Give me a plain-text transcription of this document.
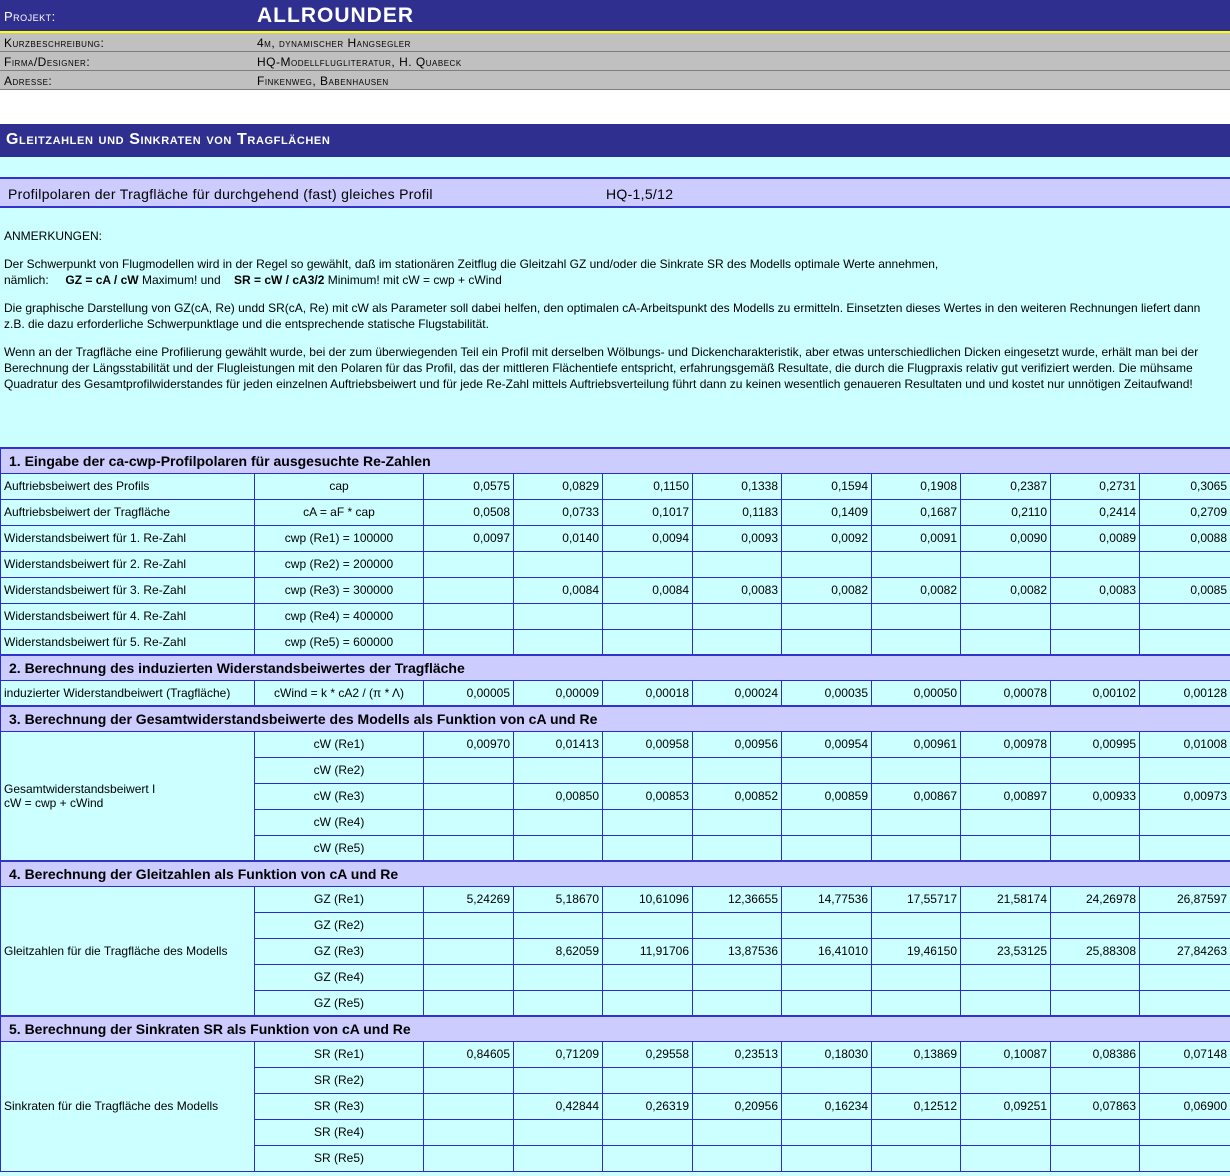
Projekt:	ALLROUNDER
Kurzbeschreibung:	4m, dynamischer Hangsegler
Firma/Designer:	HQ-Modellflugliteratur, H. Quabeck
Adresse:	Finkenweg, Babenhausen
Gleitzahlen und Sinkraten von Tragflächen
Profilpolaren der Tragfläche für durchgehend (fast) gleiches Profil	HQ-1,5/12

ANMERKUNGEN:

Der Schwerpunkt von Flugmodellen wird in der Regel so gewählt, daß im stationären Zeitflug die Gleitzahl GZ und/oder die Sinkrate SR des Modells optimale Werte annehmen,
nämlich: GZ = cA / cW Maximum! und SR = cW / cA3/2 Minimum! mit cW = cwp + cWind

Die graphische Darstellung von GZ(cA, Re) undd SR(cA, Re) mit cW als Parameter soll dabei helfen, den optimalen cA-Arbeitspunkt des Modells zu ermitteln. Einsetzten dieses Wertes in den weiteren Rechnungen liefert dann z.B. die dazu erforderliche Schwerpunktlage und die entsprechende statische Flugstabilität.

Wenn an der Tragfläche eine Profilierung gewählt wurde, bei der zum überwiegenden Teil ein Profil mit derselben Wölbungs- und Dickencharakteristik, aber etwas unterschiedlichen Dicken eingesetzt wurde, erhält man bei der Berechnung der Längsstabilität und der Flugleistungen mit den Polaren für das Profil, das der mittleren Flächentiefe entspricht, erfahrungsgemäß Resultate, die durch die Flugpraxis relativ gut verifiziert werden. Die mühsame Quadratur des Gesamtprofilwiderstandes für jeden einzelnen Auftriebsbeiwert und für jede Re-Zahl mittels Auftriebsverteilung führt dann zu keinen wesentlich genaueren Resultaten und und kostet nur unnötigen Zeitaufwand!

1. Eingabe der ca-cwp-Profilpolaren für ausgesuchte Re-Zahlen										
Auftriebsbeiwert des Profils	cap	0,0575	0,0829	0,1150	0,1338	0,1594	0,1908	0,2387	0,2731	0,3065
Auftriebsbeiwert der Tragfläche	cA = aF * cap	0,0508	0,0733	0,1017	0,1183	0,1409	0,1687	0,2110	0,2414	0,2709
Widerstandsbeiwert für 1. Re-Zahl	cwp (Re1) = 100000	0,0097	0,0140	0,0094	0,0093	0,0092	0,0091	0,0090	0,0089	0,0088
Widerstandsbeiwert für 2. Re-Zahl	cwp (Re2) = 200000									
Widerstandsbeiwert für 3. Re-Zahl	cwp (Re3) = 300000		0,0084	0,0084	0,0083	0,0082	0,0082	0,0082	0,0083	0,0085
Widerstandsbeiwert für 4. Re-Zahl	cwp (Re4) = 400000									
Widerstandsbeiwert für 5. Re-Zahl	cwp (Re5) = 600000									
2. Berechnung des induzierten Widerstandsbeiwertes der Tragfläche										
induzierter Widerstandbeiwert (Tragfläche)	cWind = k * cA2 / (π * Λ)	0,00005	0,00009	0,00018	0,00024	0,00035	0,00050	0,00078	0,00102	0,00128
3. Berechnung der Gesamtwiderstandsbeiwerte des Modells als Funktion von cA und Re										
Gesamtwiderstandsbeiwert I
cW = cwp + cWind	cW (Re1)	0,00970	0,01413	0,00958	0,00956	0,00954	0,00961	0,00978	0,00995	0,01008
	cW (Re2)									
	cW (Re3)		0,00850	0,00853	0,00852	0,00859	0,00867	0,00897	0,00933	0,00973
	cW (Re4)									
	cW (Re5)									
4. Berechnung der Gleitzahlen als Funktion von cA und Re										
Gleitzahlen für die Tragfläche des Modells	GZ (Re1)	5,24269	5,18670	10,61096	12,36655	14,77536	17,55717	21,58174	24,26978	26,87597
	GZ (Re2)									
	GZ (Re3)		8,62059	11,91706	13,87536	16,41010	19,46150	23,53125	25,88308	27,84263
	GZ (Re4)									
	GZ (Re5)									
5. Berechnung der Sinkraten SR als Funktion von cA und Re										
Sinkraten für die Tragfläche des Modells	SR (Re1)	0,84605	0,71209	0,29558	0,23513	0,18030	0,13869	0,10087	0,08386	0,07148
	SR (Re2)									
	SR (Re3)		0,42844	0,26319	0,20956	0,16234	0,12512	0,09251	0,07863	0,06900
	SR (Re4)									
	SR (Re5)									
